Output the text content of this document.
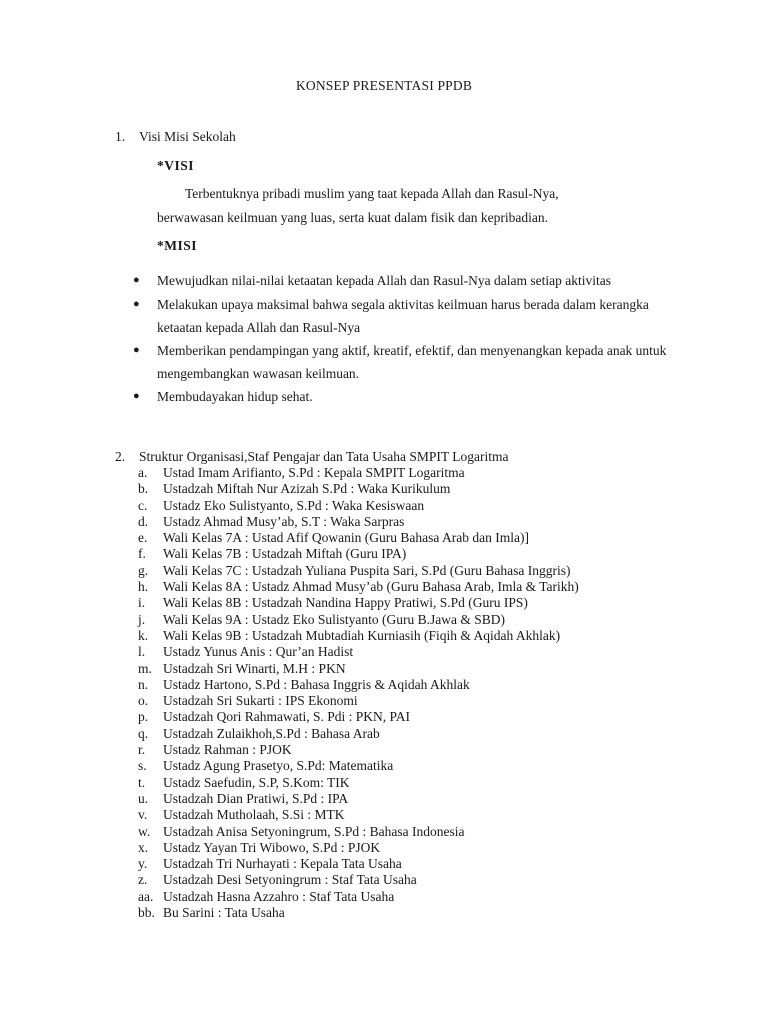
KONSEP PRESENTASI PPDB
1. Visi Misi Sekolah
*VISI
Terbentuknya pribadi muslim yang taat kepada Allah dan Rasul-Nya,
berwawasan keilmuan yang luas, serta kuat dalam fisik dan kepribadian.
*MISI
● Mewujudkan nilai-nilai ketaatan kepada Allah dan Rasul-Nya dalam setiap aktivitas
● Melakukan upaya maksimal bahwa segala aktivitas keilmuan harus berada dalam kerangka ketaatan kepada Allah dan Rasul-Nya
● Memberikan pendampingan yang aktif, kreatif, efektif, dan menyenangkan kepada anak untuk mengembangkan wawasan keilmuan.
● Membudayakan hidup sehat.
2. Struktur Organisasi,Staf Pengajar dan Tata Usaha SMPIT Logaritma
a. Ustad Imam Arifianto, S.Pd : Kepala SMPIT Logaritma
b. Ustadzah Miftah Nur Azizah S.Pd : Waka Kurikulum
c. Ustadz Eko Sulistyanto, S.Pd : Waka Kesiswaan
d. Ustadz Ahmad Musy’ab, S.T : Waka Sarpras
e. Wali Kelas 7A : Ustad Afif Qowanin (Guru Bahasa Arab dan Imla)]
f. Wali Kelas 7B : Ustadzah Miftah (Guru IPA)
g. Wali Kelas 7C : Ustadzah Yuliana Puspita Sari, S.Pd (Guru Bahasa Inggris)
h. Wali Kelas 8A : Ustadz Ahmad Musy’ab (Guru Bahasa Arab, Imla & Tarikh)
i. Wali Kelas 8B : Ustadzah Nandina Happy Pratiwi, S.Pd (Guru IPS)
j. Wali Kelas 9A : Ustadz Eko Sulistyanto (Guru B.Jawa & SBD)
k. Wali Kelas 9B : Ustadzah Mubtadiah Kurniasih (Fiqih & Aqidah Akhlak)
l. Ustadz Yunus Anis : Qur’an Hadist
m. Ustadzah Sri Winarti, M.H : PKN
n. Ustadz Hartono, S.Pd : Bahasa Inggris & Aqidah Akhlak
o. Ustadzah Sri Sukarti : IPS Ekonomi
p. Ustadzah Qori Rahmawati, S. Pdi : PKN, PAI
q. Ustadzah Zulaikhoh,S.Pd : Bahasa Arab
r. Ustadz Rahman : PJOK
s. Ustadz Agung Prasetyo, S.Pd: Matematika
t. Ustadz Saefudin, S.P, S.Kom: TIK
u. Ustadzah Dian Pratiwi, S.Pd : IPA
v. Ustadzah Mutholaah, S.Si : MTK
w. Ustadzah Anisa Setyoningrum, S.Pd : Bahasa Indonesia
x. Ustadz Yayan Tri Wibowo, S.Pd : PJOK
y. Ustadzah Tri Nurhayati : Kepala Tata Usaha
z. Ustadzah Desi Setyoningrum : Staf Tata Usaha
aa. Ustadzah Hasna Azzahro : Staf Tata Usaha
bb. Bu Sarini : Tata Usaha
